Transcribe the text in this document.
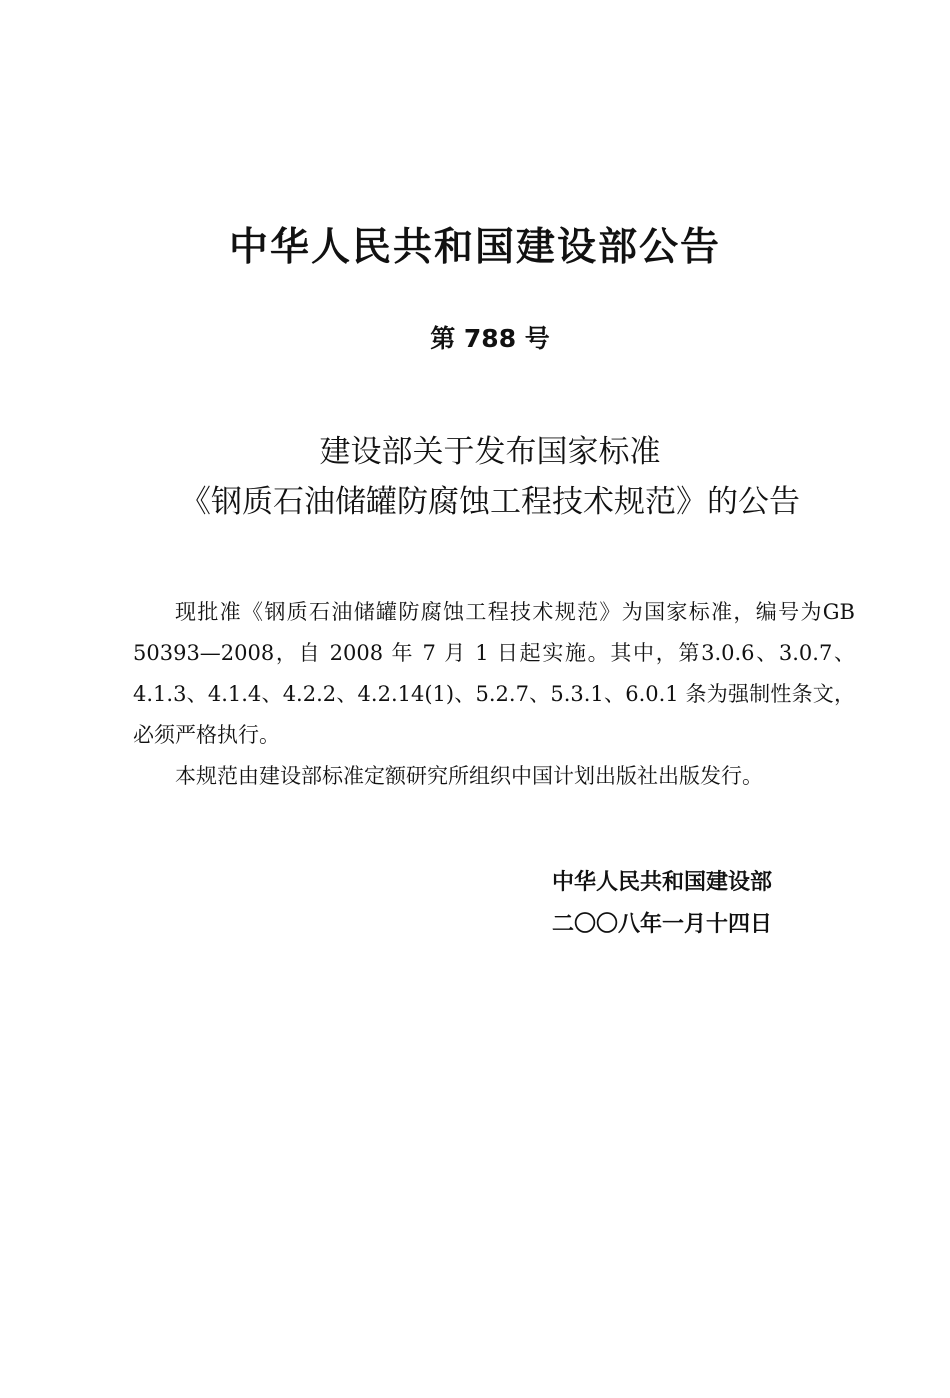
中华人民共和国建设部公告
第 788 号
建设部关于发布国家标准
《钢质石油储罐防腐蚀工程技术规范》的公告

现批准《钢质石油储罐防腐蚀工程技术规范》为国家标准，编号为GB 50393—2008，自 2008 年 7 月 1 日起实施。其中，第3.0.6、3.0.7、4.1.3、4.1.4、4.2.2、4.2.14(1)、5.2.7、5.3.1、6.0.1 条为强制性条文，必须严格执行。

本规范由建设部标准定额研究所组织中国计划出版社出版发行。

中华人民共和国建设部
二〇〇八年一月十四日
